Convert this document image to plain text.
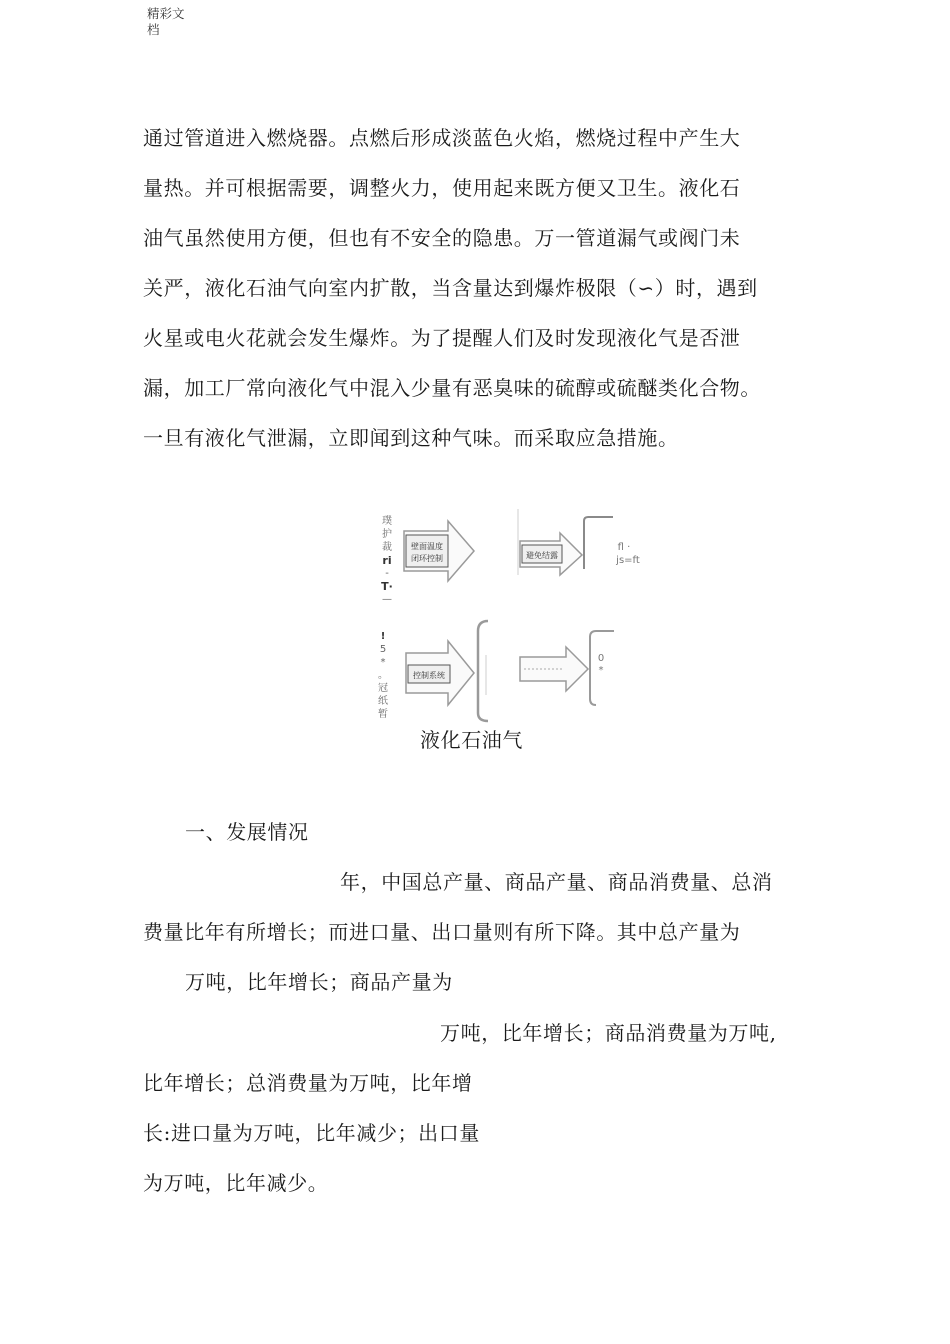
精彩文
档
通过管道进入燃烧器。点燃后形成淡蓝色火焰，燃烧过程中产生大
量热。并可根据需要，调整火力，使用起来既方便又卫生。液化石
油气虽然使用方便，但也有不安全的隐患。万一管道漏气或阀门未
关严，液化石油气向室内扩散，当含量达到爆炸极限（∽）时，遇到
火星或电火花就会发生爆炸。为了提醒人们及时发现液化气是否泄
漏，加工厂常向液化气中混入少量有恶臭味的硫醇或硫醚类化合物。
一旦有液化气泄漏，立即闻到这种气味。而采取应急措施。
璞
护
裁
ri
-
T·
—
!
5
*
。
冠
纸
暂
壁面温度
闭环控制	避免结露
fl ·
js=ft
控制系统
0
*
液化石油气
一、发展情况
年，中国总产量、商品产量、商品消费量、总消
费量比年有所增长；而进口量、出口量则有所下降。其中总产量为
万吨，比年增长；商品产量为
万吨，比年增长；商品消费量为万吨,
比年增长；总消费量为万吨，比年增
长:进口量为万吨，比年减少；出口量
为万吨，比年减少。
